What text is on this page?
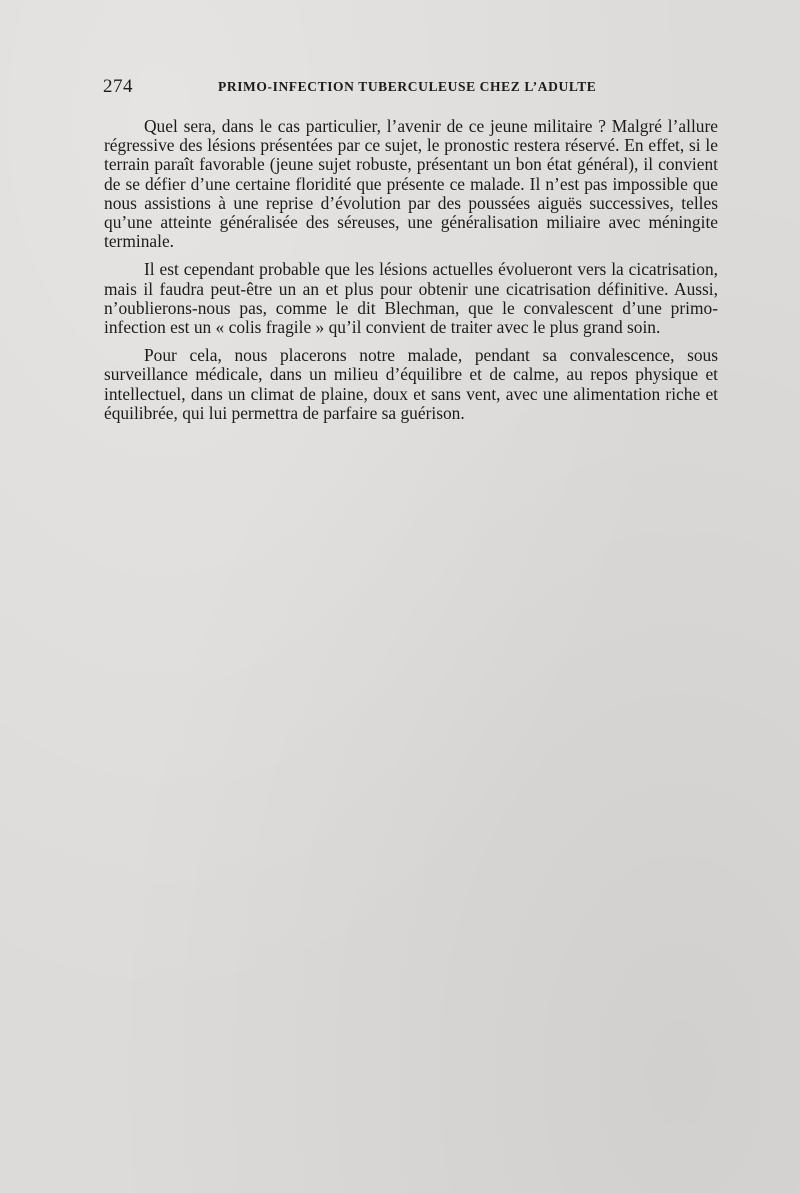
274	PRIMO-INFECTION TUBERCULEUSE CHEZ L’ADULTE

Quel sera, dans le cas particulier, l’avenir de ce jeune militaire ? Malgré l’allure régressive des lésions présentées par ce sujet, le pronostic restera réservé. En effet, si le terrain paraît favorable (jeune sujet robuste, présentant un bon état général), il convient de se défier d’une certaine floridité que présente ce malade. Il n’est pas impossible que nous assistions à une reprise d’évolution par des poussées aiguës successives, telles qu’une atteinte généralisée des séreuses, une généralisation miliaire avec méningite terminale.

Il est cependant probable que les lésions actuelles évolueront vers la cicatrisation, mais il faudra peut-être un an et plus pour obtenir une cicatrisation définitive. Aussi, n’oublierons-nous pas, comme le dit Blechman, que le convalescent d’une primo-infection est un « colis fragile » qu’il convient de traiter avec le plus grand soin.

Pour cela, nous placerons notre malade, pendant sa convalescence, sous surveillance médicale, dans un milieu d’équilibre et de calme, au repos physique et intellectuel, dans un climat de plaine, doux et sans vent, avec une alimentation riche et équilibrée, qui lui permettra de parfaire sa guérison.
